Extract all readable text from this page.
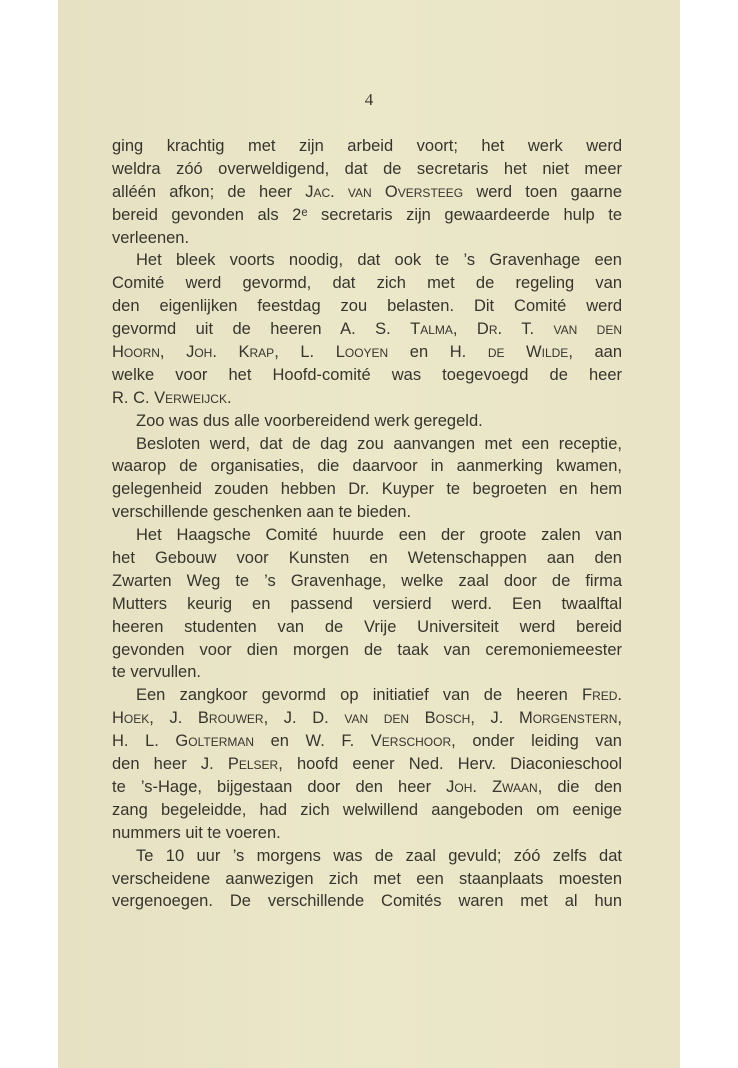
4
ging krachtig met zijn arbeid voort; het werk werd
weldra zóó overweldigend, dat de secretaris het niet meer
alléén afkon; de heer Jac. van Oversteeg werd toen gaarne
bereid gevonden als 2ᵉ secretaris zijn gewaardeerde hulp te
verleenen.
Het bleek voorts noodig, dat ook te ’s Gravenhage een
Comité werd gevormd, dat zich met de regeling van
den eigenlijken feestdag zou belasten. Dit Comité werd
gevormd uit de heeren A. S. Talma, Dr. T. van den
Hoorn, Joh. Krap, L. Looyen en H. de Wilde, aan
welke voor het Hoofd-comité was toegevoegd de heer
R. C. Verweijck.
Zoo was dus alle voorbereidend werk geregeld.
Besloten werd, dat de dag zou aanvangen met een receptie,
waarop de organisaties, die daarvoor in aanmerking kwamen,
gelegenheid zouden hebben Dr. Kuyper te begroeten en hem
verschillende geschenken aan te bieden.
Het Haagsche Comité huurde een der groote zalen van
het Gebouw voor Kunsten en Wetenschappen aan den
Zwarten Weg te ’s Gravenhage, welke zaal door de firma
Mutters keurig en passend versierd werd. Een twaalftal
heeren studenten van de Vrije Universiteit werd bereid
gevonden voor dien morgen de taak van ceremoniemeester
te vervullen.
Een zangkoor gevormd op initiatief van de heeren Fred.
Hoek, J. Brouwer, J. D. van den Bosch, J. Morgenstern,
H. L. Golterman en W. F. Verschoor, onder leiding van
den heer J. Pelser, hoofd eener Ned. Herv. Diaconieschool
te ’s-Hage, bijgestaan door den heer Joh. Zwaan, die den
zang begeleidde, had zich welwillend aangeboden om eenige
nummers uit te voeren.
Te 10 uur ’s morgens was de zaal gevuld; zóó zelfs dat
verscheidene aanwezigen zich met een staanplaats moesten
vergenoegen. De verschillende Comités waren met al hun
